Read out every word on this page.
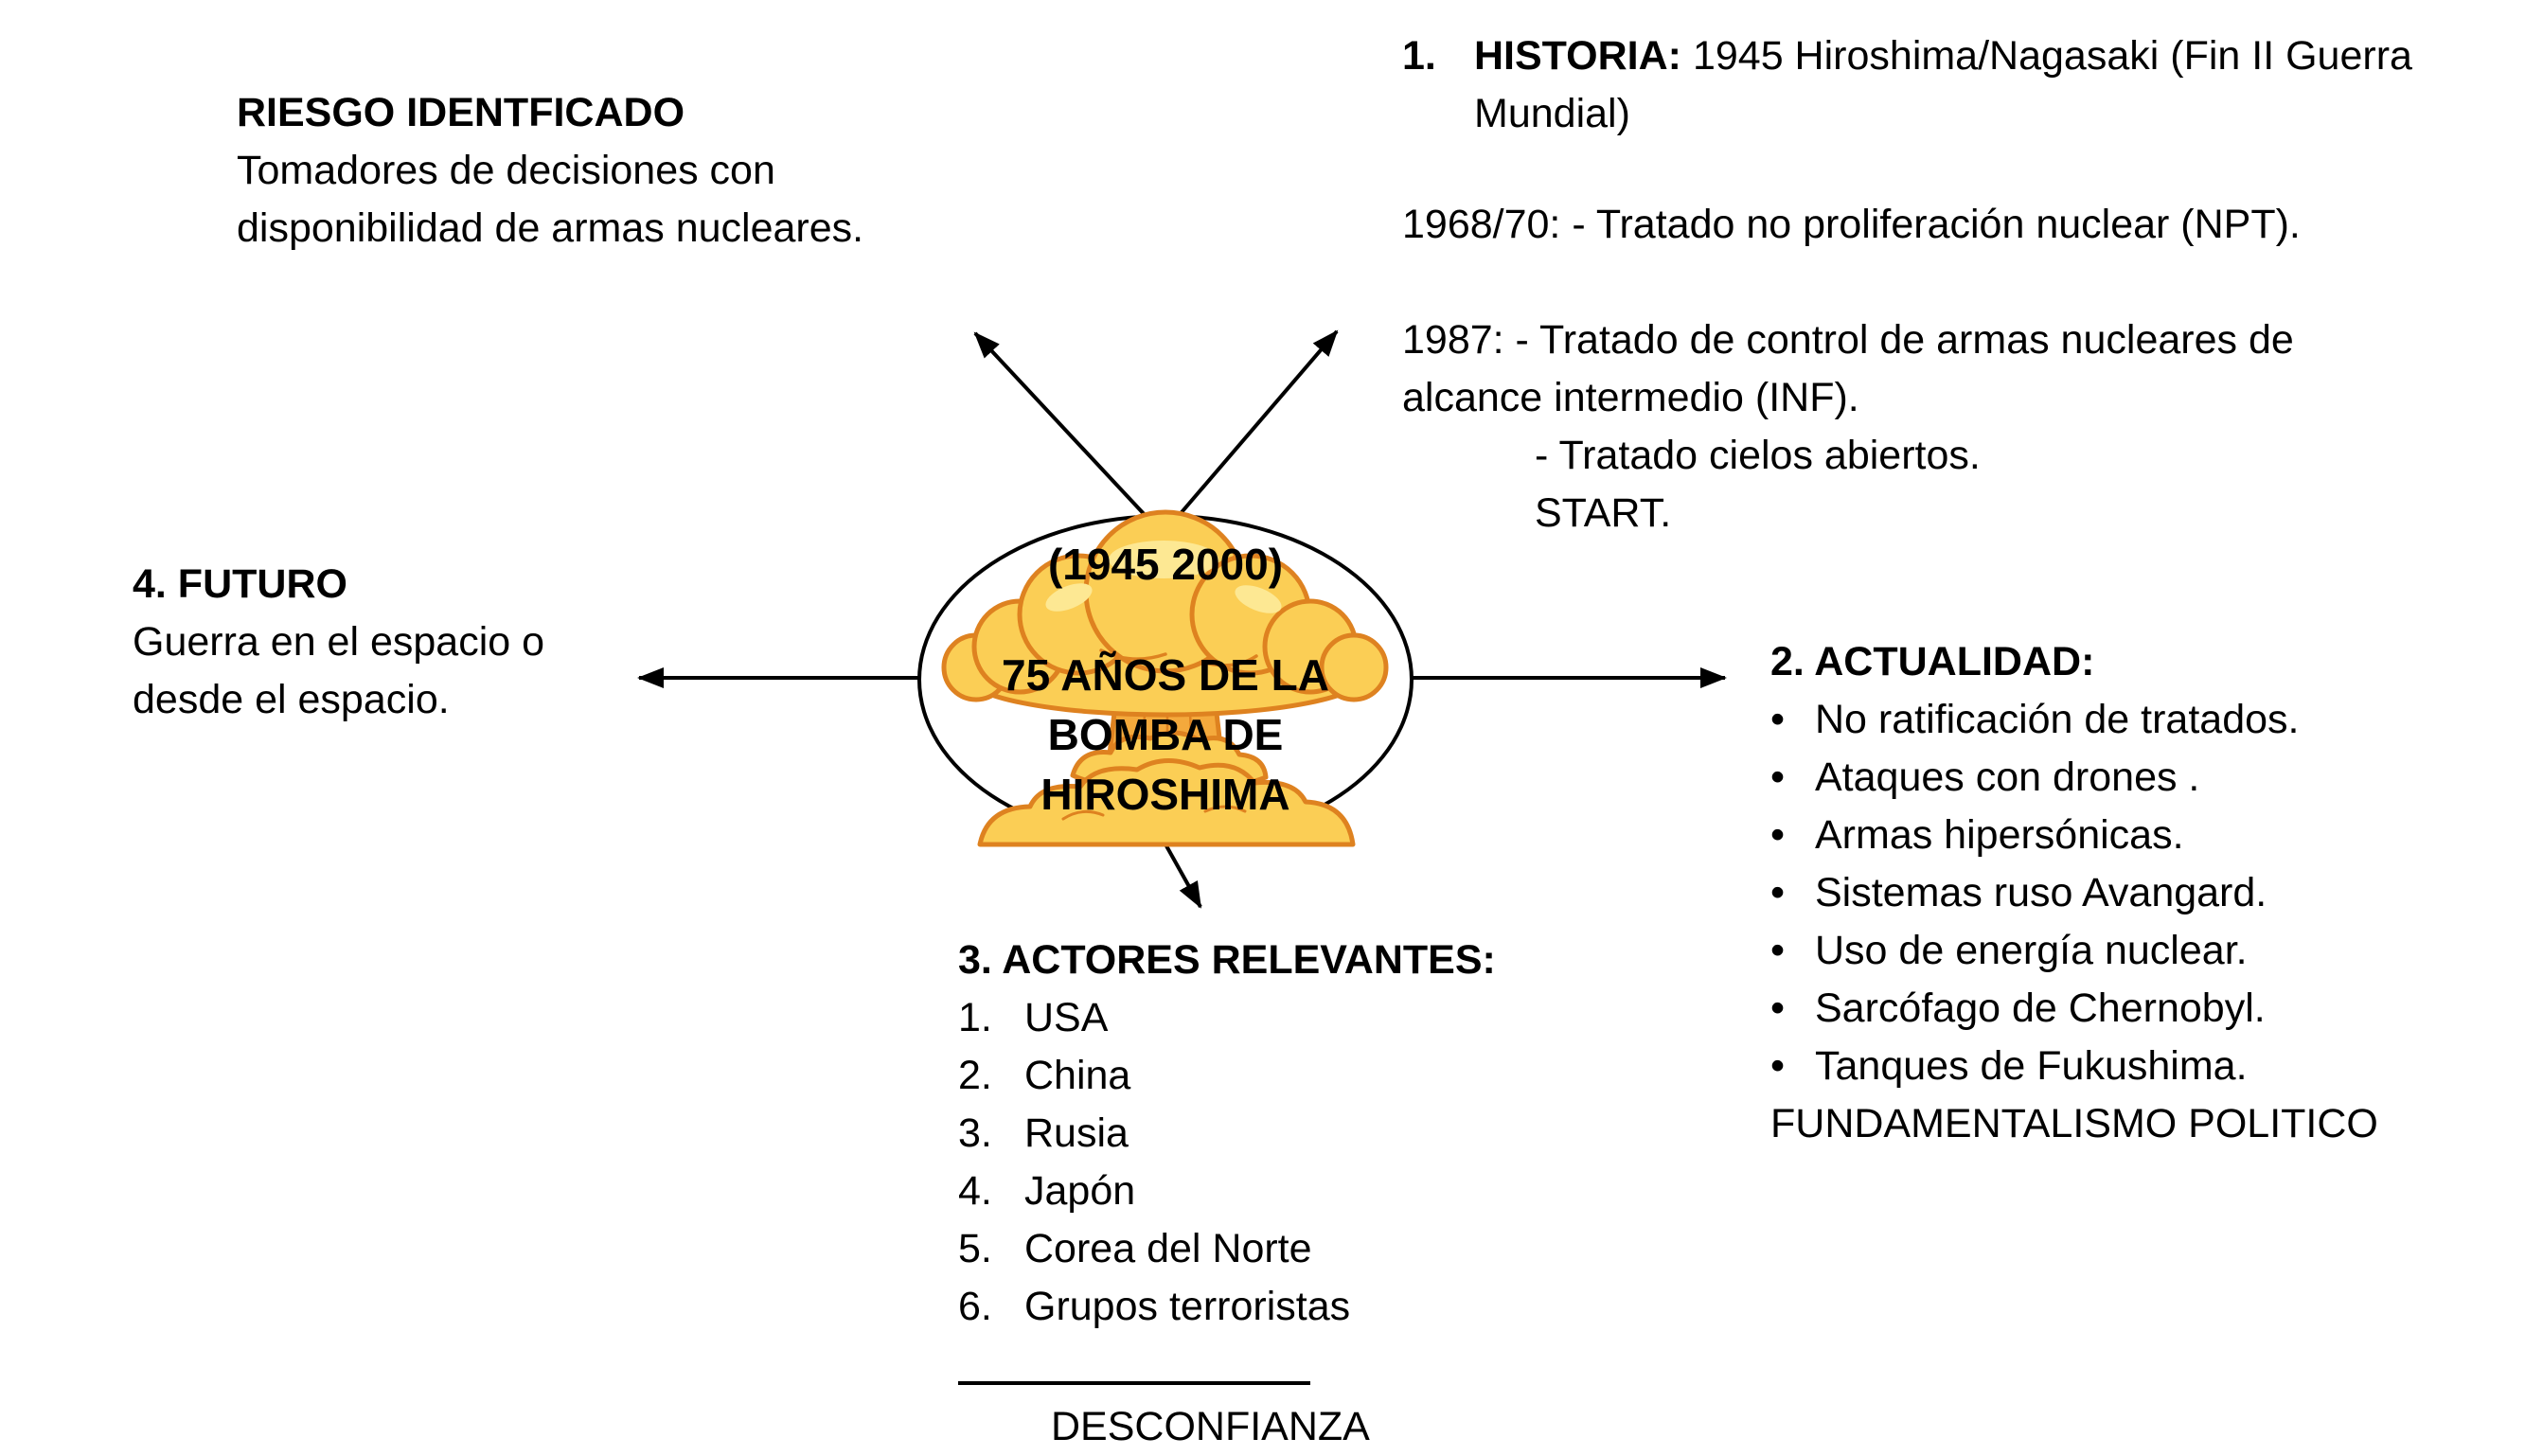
RIESGO IDENTFICADO
Tomadores de decisiones con
disponibilidad de armas nucleares.
1. HISTORIA: 1945 Hiroshima/Nagasaki (Fin II Guerra
Mundial)
1968/70: - Tratado no proliferación nuclear (NPT).
1987: - Tratado de control de armas nucleares de
alcance intermedio (INF).
- Tratado cielos abiertos.
START.
2. ACTUALIDAD:
• No ratificación de tratados.
• Ataques con drones .
• Armas hipersónicas.
• Sistemas ruso Avangard.
• Uso de energía nuclear.
• Sarcófago de Chernobyl.
• Tanques de Fukushima.
FUNDAMENTALISMO POLITICO
3. ACTORES RELEVANTES:
1. USA
2. China
3. Rusia
4. Japón
5. Corea del Norte
6. Grupos terroristas
DESCONFIANZA
4. FUTURO
Guerra en el espacio o
desde el espacio.
(1945 2000)
75 AÑOS DE LA
BOMBA DE
HIROSHIMA
